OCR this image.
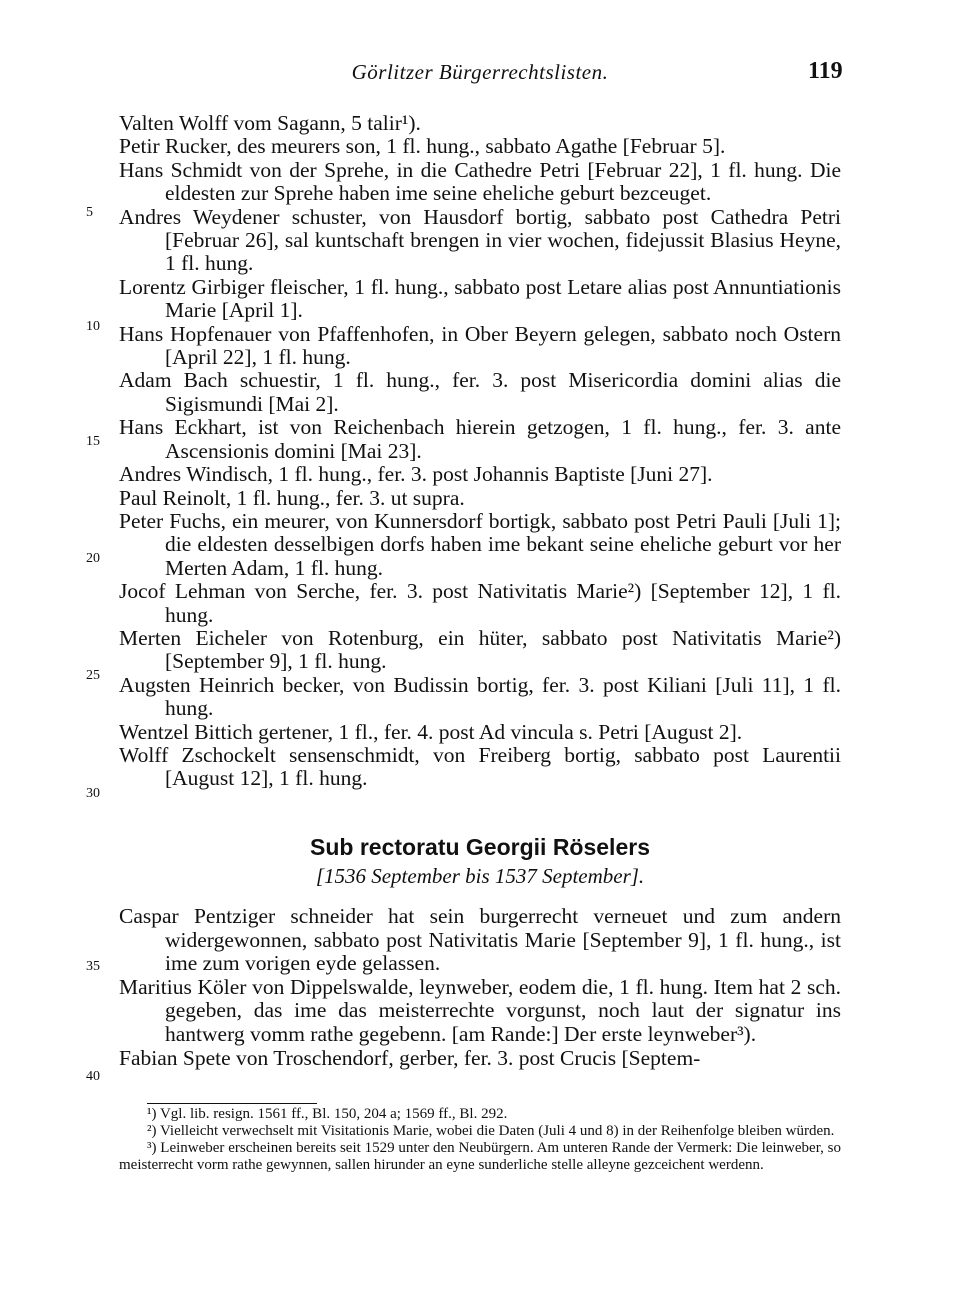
Görlitzer Bürgerrechtslisten.	119
5
10
15
20
25
30
35
40

Valten Wolff vom Sagann, 5 talir¹).

Petir Rucker, des meurers son, 1 fl. hung., sabbato Agathe [Februar 5].

Hans Schmidt von der Sprehe, in die Cathedre Petri [Februar 22], 1 fl. hung. Die eldesten zur Sprehe haben ime seine eheliche geburt bezceuget.

Andres Weydener schuster, von Hausdorf bortig, sabbato post Cathedra Petri [Februar 26], sal kuntschaft brengen in vier wochen, fidejussit Blasius Heyne, 1 fl. hung.

Lorentz Girbiger fleischer, 1 fl. hung., sabbato post Letare alias post Annuntiationis Marie [April 1].

Hans Hopfenauer von Pfaffenhofen, in Ober Beyern gelegen, sabbato noch Ostern [April 22], 1 fl. hung.

Adam Bach schuestir, 1 fl. hung., fer. 3. post Misericordia domini alias die Sigismundi [Mai 2].

Hans Eckhart, ist von Reichenbach hierein getzogen, 1 fl. hung., fer. 3. ante Ascensionis domini [Mai 23].

Andres Windisch, 1 fl. hung., fer. 3. post Johannis Baptiste [Juni 27].

Paul Reinolt, 1 fl. hung., fer. 3. ut supra.

Peter Fuchs, ein meurer, von Kunnersdorf bortigk, sabbato post Petri Pauli [Juli 1]; die eldesten desselbigen dorfs haben ime bekant seine eheliche geburt vor her Merten Adam, 1 fl. hung.

Jocof Lehman von Serche, fer. 3. post Nativitatis Marie²) [September 12], 1 fl. hung.

Merten Eicheler von Rotenburg, ein hüter, sabbato post Nativitatis Marie²) [September 9], 1 fl. hung.

Augsten Heinrich becker, von Budissin bortig, fer. 3. post Kiliani [Juli 11], 1 fl. hung.

Wentzel Bittich gertener, 1 fl., fer. 4. post Ad vincula s. Petri [August 2].

Wolff Zschockelt sensenschmidt, von Freiberg bortig, sabbato post Laurentii [August 12], 1 fl. hung.

Sub rectoratu Georgii Röselers
[1536 September bis 1537 September].

Caspar Pentziger schneider hat sein burgerrecht verneuet und zum andern widergewonnen, sabbato post Nativitatis Marie [September 9], 1 fl. hung., ist ime zum vorigen eyde gelassen.

Maritius Köler von Dippelswalde, leynweber, eodem die, 1 fl. hung. Item hat 2 sch. gegeben, das ime das meisterrechte vorgunst, noch laut der signatur ins hantwerg vomm rathe gegebenn. [am Rande:] Der erste leynweber³).

Fabian Spete von Troschendorf, gerber, fer. 3. post Crucis [Septem-

¹) Vgl. lib. resign. 1561 ff., Bl. 150, 204 a; 1569 ff., Bl. 292.

²) Vielleicht verwechselt mit Visitationis Marie, wobei die Daten (Juli 4 und 8) in der Reihenfolge bleiben würden.

³) Leinweber erscheinen bereits seit 1529 unter den Neubürgern. Am unteren Rande der Vermerk: Die leinweber, so meisterrecht vorm rathe gewynnen, sallen hirunder an eyne sunderliche stelle alleyne gezceichent werdenn.
